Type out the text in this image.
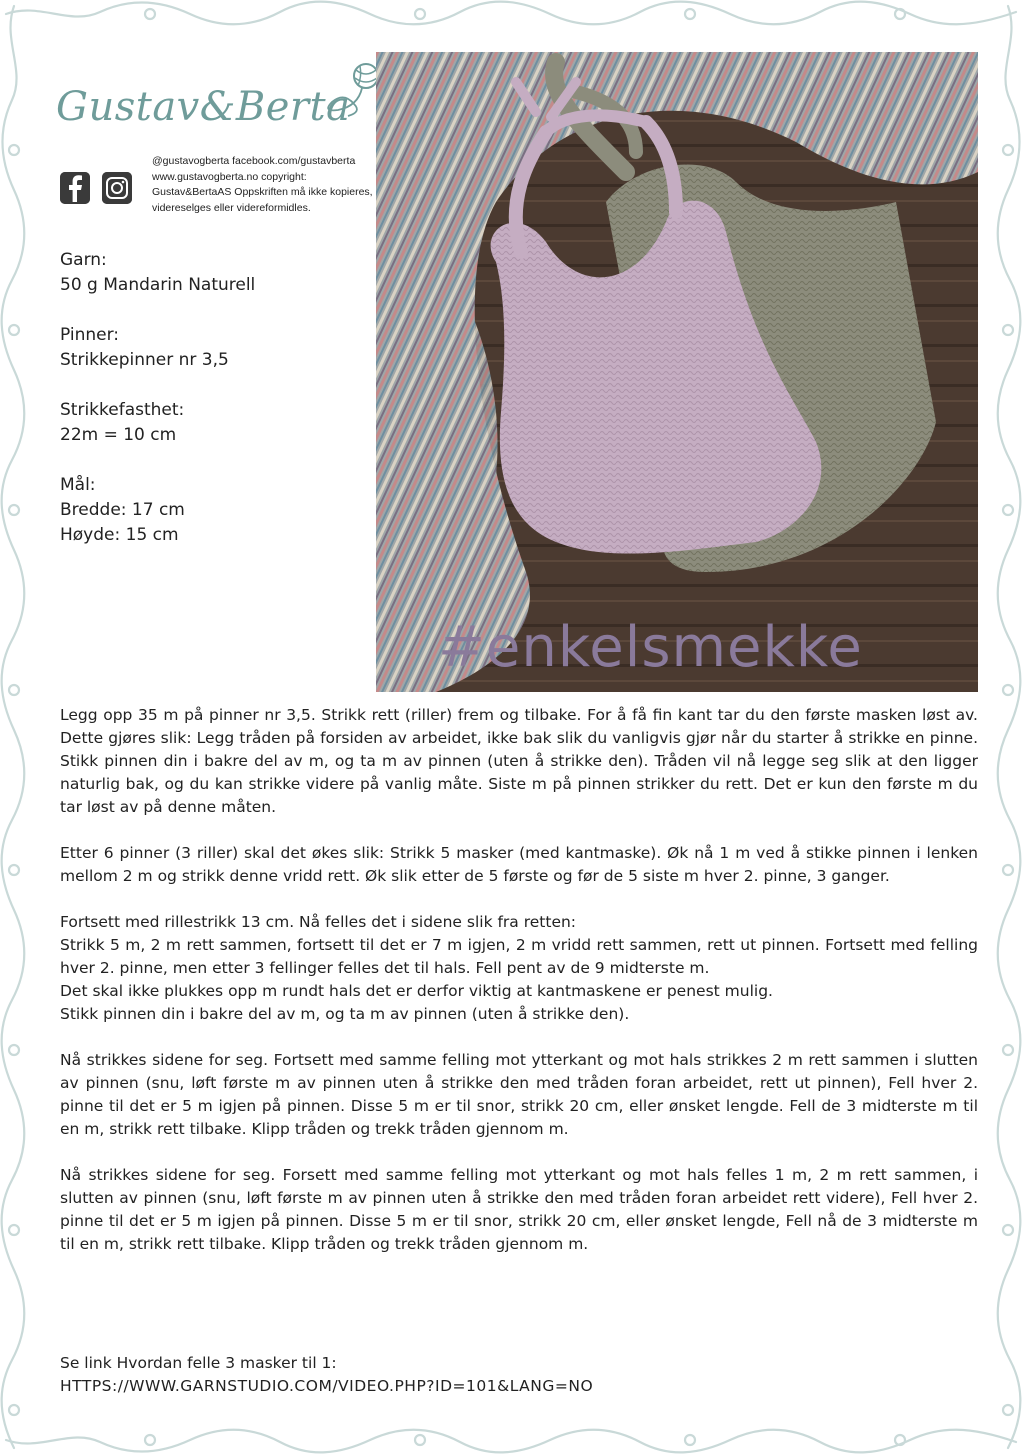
Gustav&Berta
@gustavogberta facebook.com/gustavberta
www.gustavogberta.no copyright:
Gustav&BertaAS Oppskriften må ikke kopieres,
videreselges eller videreformidles.
Garn:
50 g Mandarin Naturell
Pinner:
Strikkepinner nr 3,5
Strikkefasthet:
22m = 10 cm
Mål:
Bredde: 17 cm
Høyde: 15 cm
#enkelsmekke

Legg opp 35 m på pinner nr 3,5. Strikk rett (riller) frem og tilbake. For å få fin kant tar du den første masken løst av. Dette gjøres slik: Legg tråden på forsiden av arbeidet, ikke bak slik du vanligvis gjør når du starter å strikke en pinne. Stikk pinnen din i bakre del av m, og ta m av pinnen (uten å strikke den). Tråden vil nå legge seg slik at den ligger naturlig bak, og du kan strikke videre på vanlig måte. Siste m på pinnen strikker du rett. Det er kun den første m du tar løst av på denne måten.

Etter 6 pinner (3 riller) skal det økes slik: Strikk 5 masker (med kantmaske). Øk nå 1 m ved å stikke pinnen i lenken mellom 2 m og strikk denne vridd rett. Øk slik etter de 5 første og før de 5 siste m hver 2. pinne, 3 ganger.

Fortsett med rillestrikk 13 cm. Nå felles det i sidene slik fra retten:

Strikk 5 m, 2 m rett sammen, fortsett til det er 7 m igjen, 2 m vridd rett sammen, rett ut pinnen. Fortsett med felling hver 2. pinne, men etter 3 fellinger felles det til hals. Fell pent av de 9 midterste m.

Det skal ikke plukkes opp m rundt hals det er derfor viktig at kantmaskene er penest mulig.

Stikk pinnen din i bakre del av m, og ta m av pinnen (uten å strikke den).

Nå strikkes sidene for seg. Fortsett med samme felling mot ytterkant og mot hals strikkes 2 m rett sammen i slutten av pinnen (snu, løft første m av pinnen uten å strikke den med tråden foran arbeidet, rett ut pinnen), Fell hver 2. pinne til det er 5 m igjen på pinnen. Disse 5 m er til snor, strikk 20 cm, eller ønsket lengde. Fell de 3 midterste m til en m, strikk rett tilbake. Klipp tråden og trekk tråden gjennom m.

Nå strikkes sidene for seg. Forsett med samme felling mot ytterkant og mot hals felles 1 m, 2 m rett sammen, i slutten av pinnen (snu, løft første m av pinnen uten å strikke den med tråden foran arbeidet rett videre), Fell hver 2. pinne til det er 5 m igjen på pinnen. Disse 5 m er til snor, strikk 20 cm, eller ønsket lengde, Fell nå de 3 midterste m til en m, strikk rett tilbake. Klipp tråden og trekk tråden gjennom m.

Se link Hvordan felle 3 masker til 1:
HTTPS://WWW.GARNSTUDIO.COM/VIDEO.PHP?ID=101&LANG=NO
